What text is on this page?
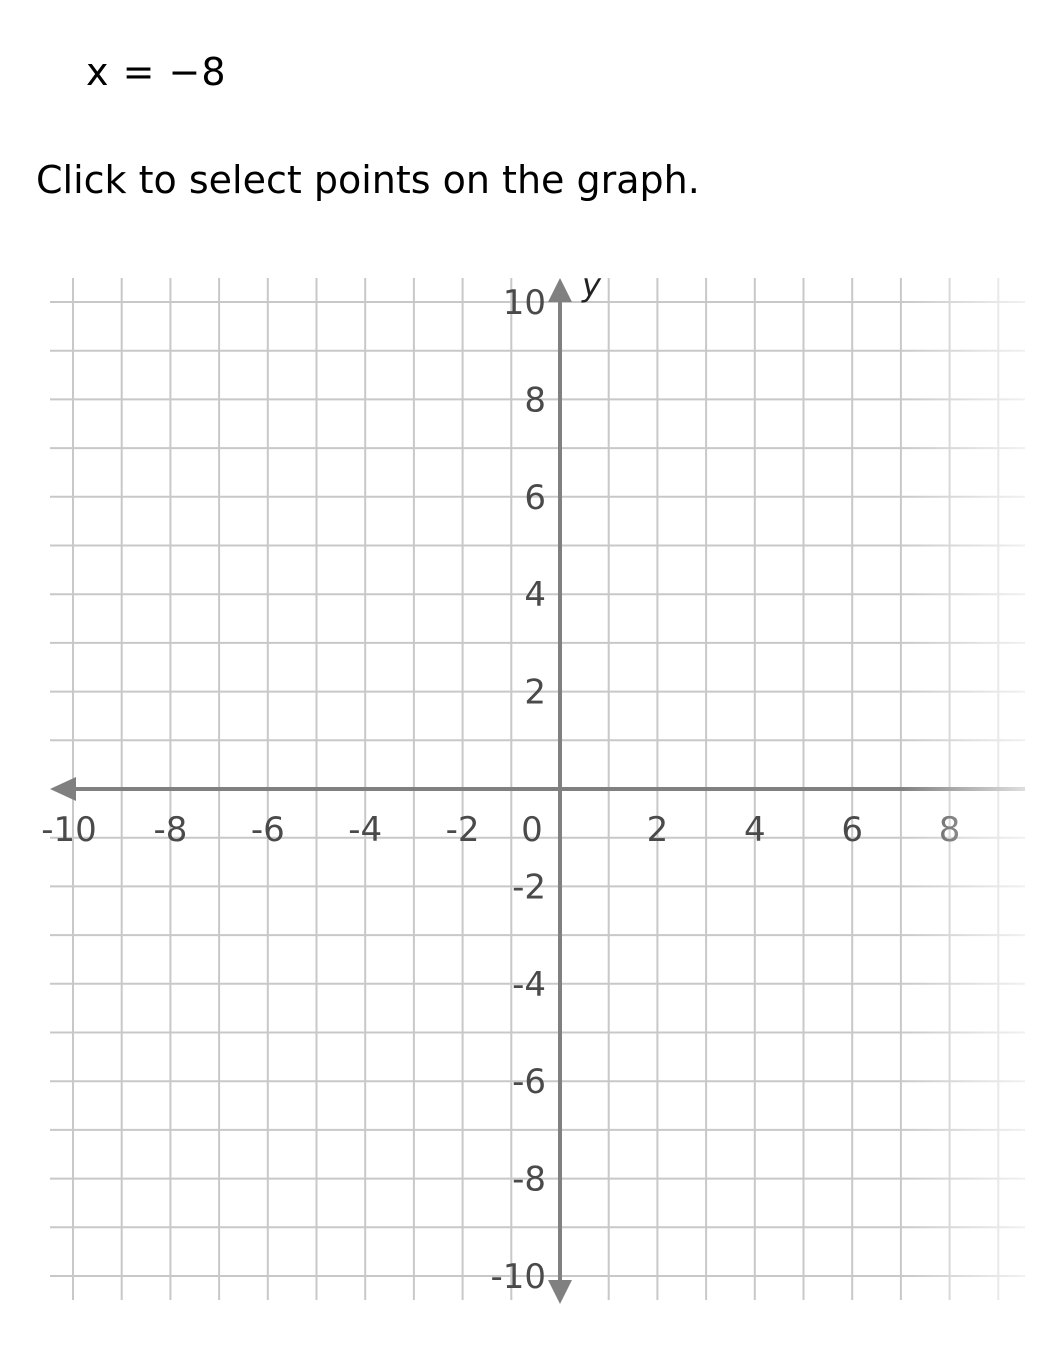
x = −8
Click to select points on the graph.
-10 -8 -6 -4 -2 0	2 4 6
10
8
6
4
2
-2
-4
-6
-8
-10
y
